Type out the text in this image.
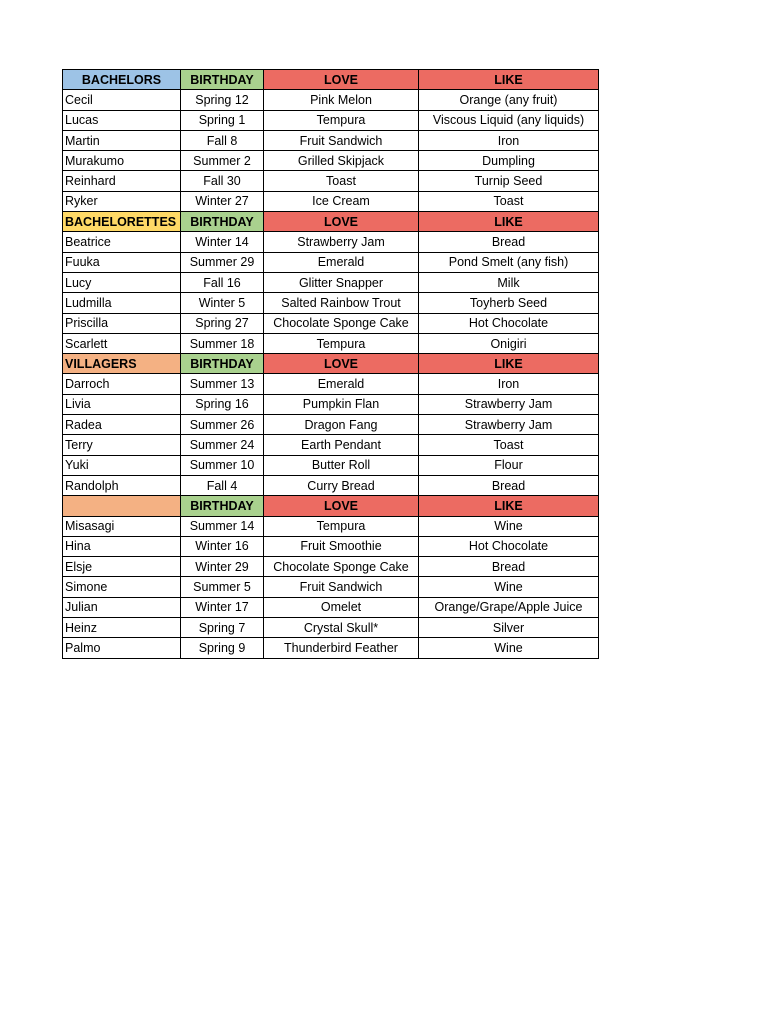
BACHELORS	BIRTHDAY	LOVE	LIKE
Cecil	Spring 12	Pink Melon	Orange (any fruit)
Lucas	Spring 1	Tempura	Viscous Liquid (any liquids)
Martin	Fall 8	Fruit Sandwich	Iron
Murakumo	Summer 2	Grilled Skipjack	Dumpling
Reinhard	Fall 30	Toast	Turnip Seed
Ryker	Winter 27	Ice Cream	Toast
BACHELORETTES	BIRTHDAY	LOVE	LIKE
Beatrice	Winter 14	Strawberry Jam	Bread
Fuuka	Summer 29	Emerald	Pond Smelt (any fish)
Lucy	Fall 16	Glitter Snapper	Milk
Ludmilla	Winter 5	Salted Rainbow Trout	Toyherb Seed
Priscilla	Spring 27	Chocolate Sponge Cake	Hot Chocolate
Scarlett	Summer 18	Tempura	Onigiri
VILLAGERS	BIRTHDAY	LOVE	LIKE
Darroch	Summer 13	Emerald	Iron
Livia	Spring 16	Pumpkin Flan	Strawberry Jam
Radea	Summer 26	Dragon Fang	Strawberry Jam
Terry	Summer 24	Earth Pendant	Toast
Yuki	Summer 10	Butter Roll	Flour
Randolph	Fall 4	Curry Bread	Bread
	BIRTHDAY	LOVE	LIKE
Misasagi	Summer 14	Tempura	Wine
Hina	Winter 16	Fruit Smoothie	Hot Chocolate
Elsje	Winter 29	Chocolate Sponge Cake	Bread
Simone	Summer 5	Fruit Sandwich	Wine
Julian	Winter 17	Omelet	Orange/Grape/Apple Juice
Heinz	Spring 7	Crystal Skull*	Silver
Palmo	Spring 9	Thunderbird Feather	Wine
